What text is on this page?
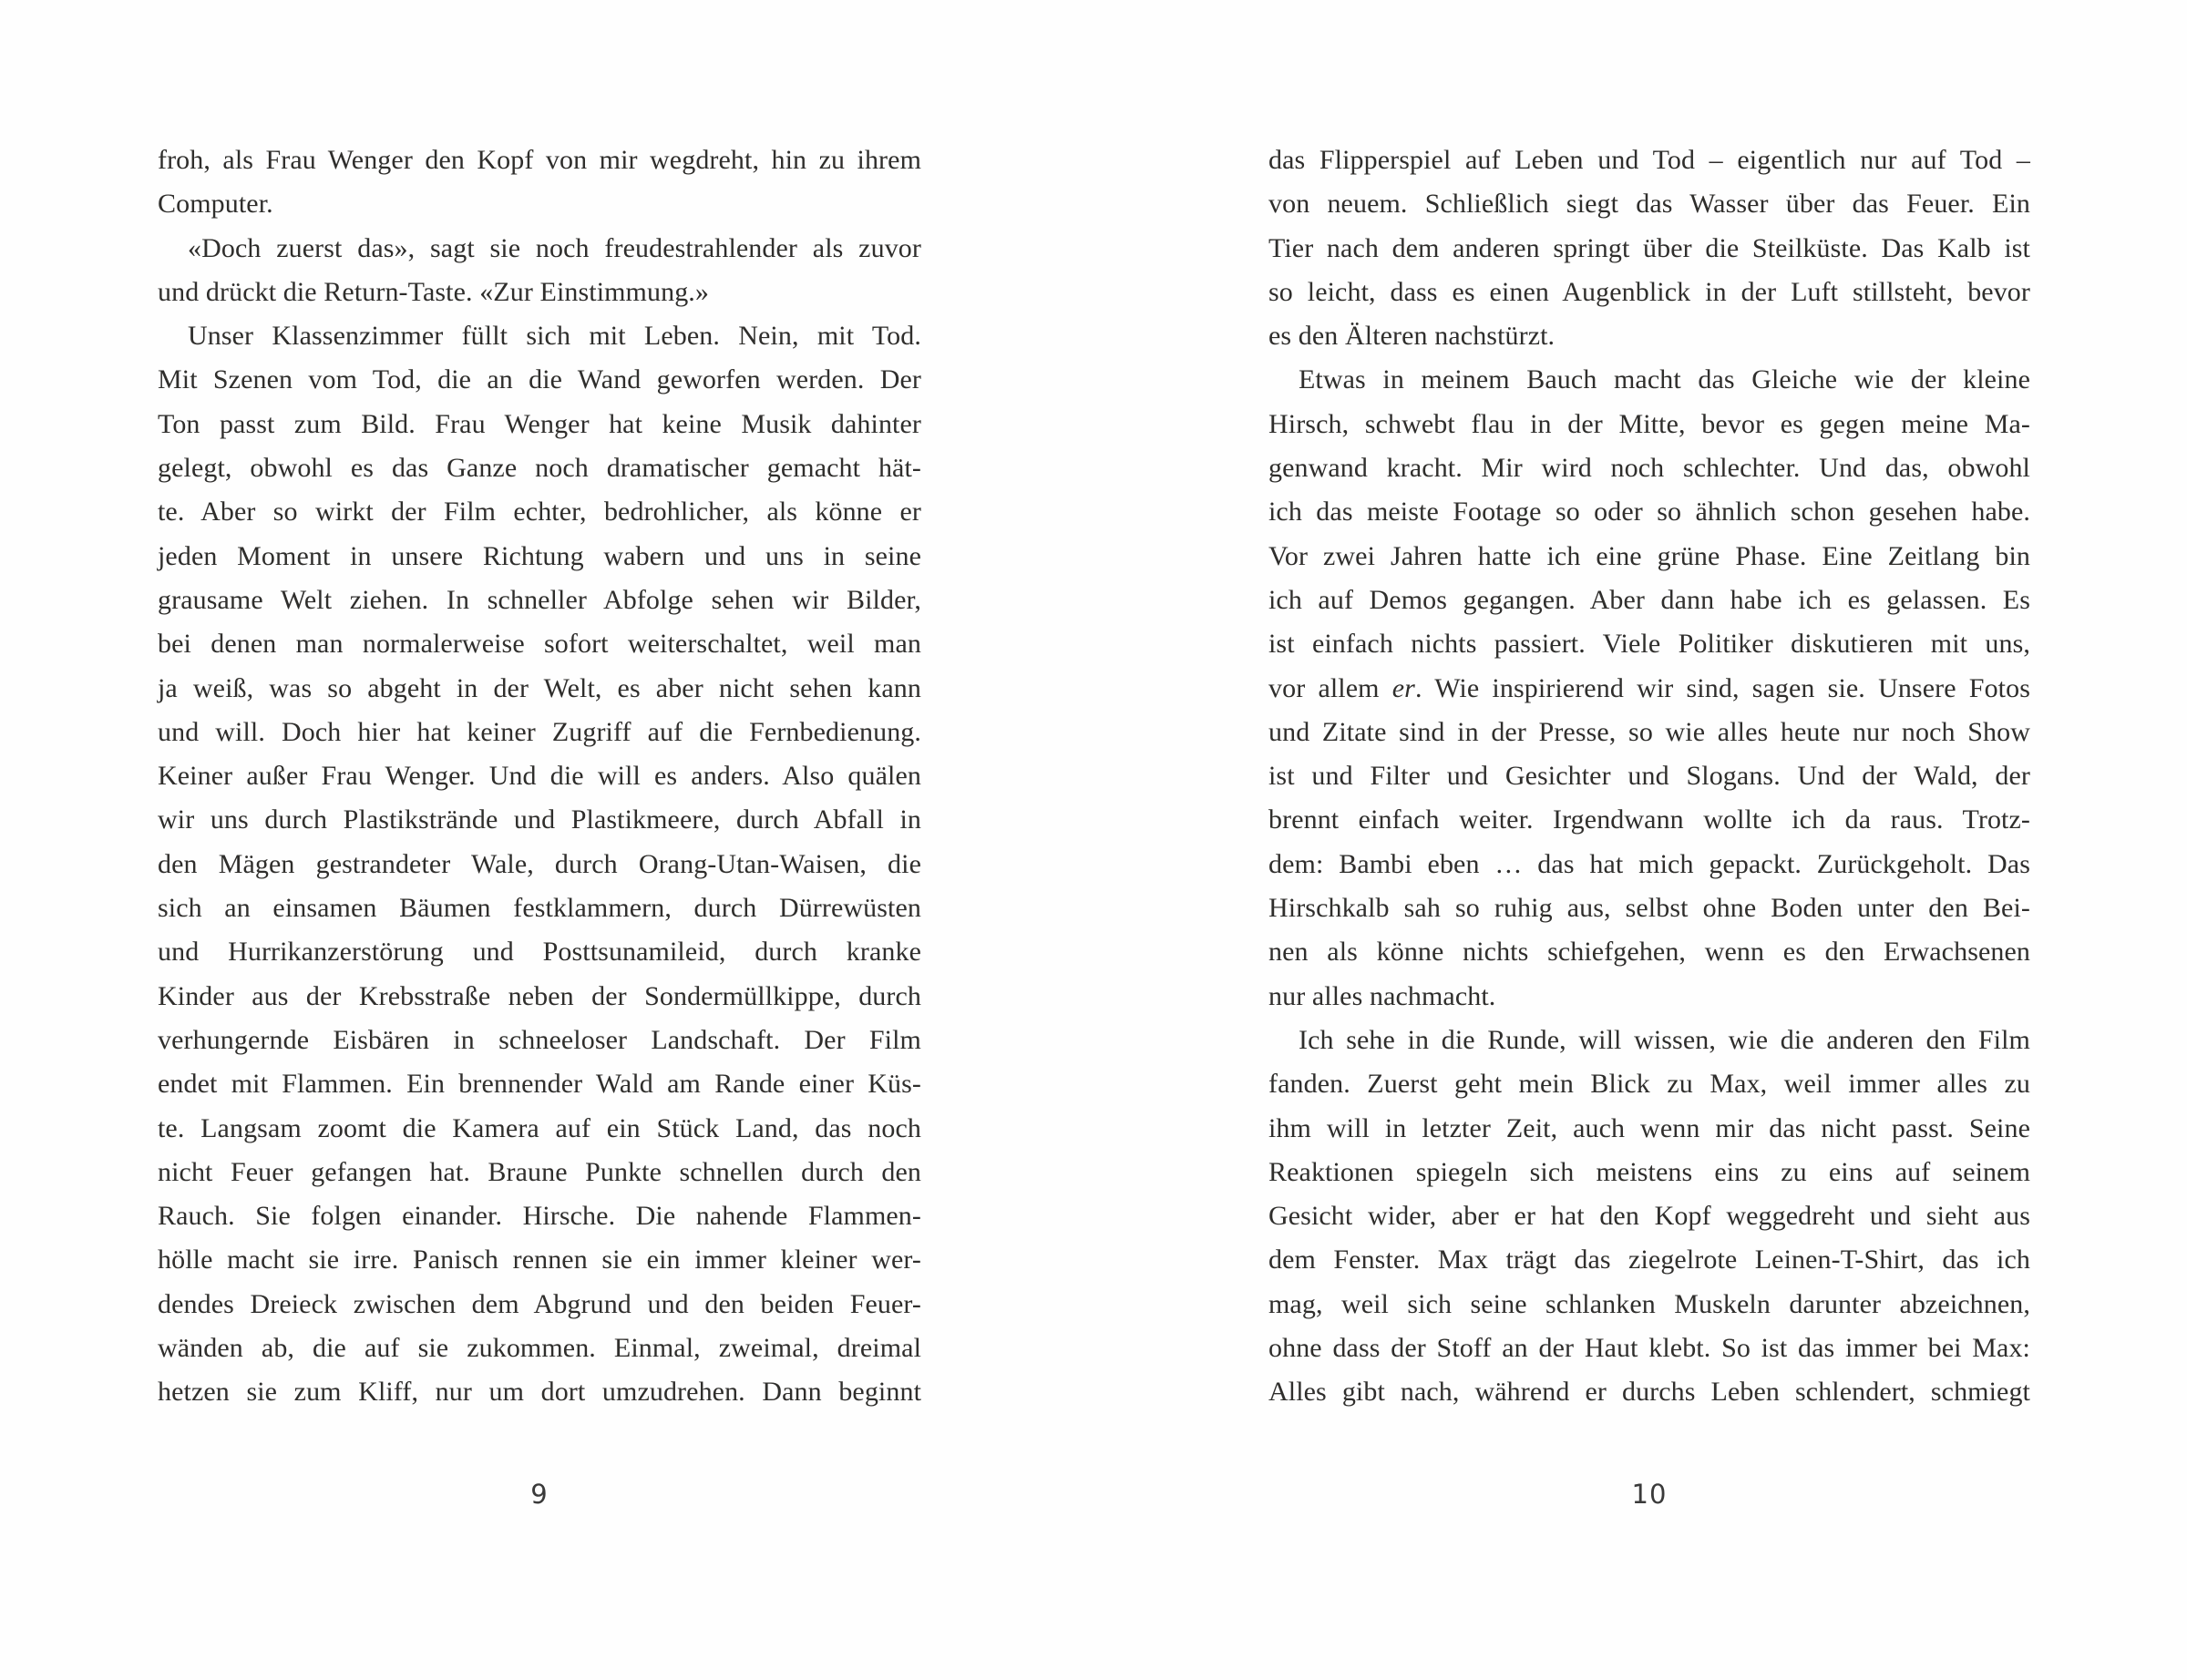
froh, als Frau Wenger den Kopf von mir wegdreht, hin zu ihrem
Computer.
«Doch zuerst das», sagt sie noch freudestrahlender als zuvor
und drückt die Return-Taste. «Zur Einstimmung.»
Unser Klassenzimmer füllt sich mit Leben. Nein, mit Tod.
Mit Szenen vom Tod, die an die Wand geworfen werden. Der
Ton passt zum Bild. Frau Wenger hat keine Musik dahinter
gelegt, obwohl es das Ganze noch dramatischer gemacht hät-
te. Aber so wirkt der Film echter, bedrohlicher, als könne er
jeden Moment in unsere Richtung wabern und uns in seine
grausame Welt ziehen. In schneller Abfolge sehen wir Bilder,
bei denen man normalerweise sofort weiterschaltet, weil man
ja weiß, was so abgeht in der Welt, es aber nicht sehen kann
und will. Doch hier hat keiner Zugriff auf die Fernbedienung.
Keiner außer Frau Wenger. Und die will es anders. Also quälen
wir uns durch Plastikstrände und Plastikmeere, durch Abfall in
den Mägen gestrandeter Wale, durch Orang-Utan-Waisen, die
sich an einsamen Bäumen festklammern, durch Dürrewüsten
und Hurrikanzerstörung und Posttsunamileid, durch kranke
Kinder aus der Krebsstraße neben der Sondermüllkippe, durch
verhungernde Eisbären in schneeloser Landschaft. Der Film
endet mit Flammen. Ein brennender Wald am Rande einer Küs-
te. Langsam zoomt die Kamera auf ein Stück Land, das noch
nicht Feuer gefangen hat. Braune Punkte schnellen durch den
Rauch. Sie folgen einander. Hirsche. Die nahende Flammen-
hölle macht sie irre. Panisch rennen sie ein immer kleiner wer-
dendes Dreieck zwischen dem Abgrund und den beiden Feuer-
wänden ab, die auf sie zukommen. Einmal, zweimal, dreimal
hetzen sie zum Kliff, nur um dort umzudrehen. Dann beginnt
das Flipperspiel auf Leben und Tod – eigentlich nur auf Tod –
von neuem. Schließlich siegt das Wasser über das Feuer. Ein
Tier nach dem anderen springt über die Steilküste. Das Kalb ist
so leicht, dass es einen Augenblick in der Luft stillsteht, bevor
es den Älteren nachstürzt.
Etwas in meinem Bauch macht das Gleiche wie der kleine
Hirsch, schwebt flau in der Mitte, bevor es gegen meine Ma-
genwand kracht. Mir wird noch schlechter. Und das, obwohl
ich das meiste Footage so oder so ähnlich schon gesehen habe.
Vor zwei Jahren hatte ich eine grüne Phase. Eine Zeitlang bin
ich auf Demos gegangen. Aber dann habe ich es gelassen. Es
ist einfach nichts passiert. Viele Politiker diskutieren mit uns,
vor allem er. Wie inspirierend wir sind, sagen sie. Unsere Fotos
und Zitate sind in der Presse, so wie alles heute nur noch Show
ist und Filter und Gesichter und Slogans. Und der Wald, der
brennt einfach weiter. Irgendwann wollte ich da raus. Trotz-
dem: Bambi eben … das hat mich gepackt. Zurückgeholt. Das
Hirschkalb sah so ruhig aus, selbst ohne Boden unter den Bei-
nen als könne nichts schiefgehen, wenn es den Erwachsenen
nur alles nachmacht.
Ich sehe in die Runde, will wissen, wie die anderen den Film
fanden. Zuerst geht mein Blick zu Max, weil immer alles zu
ihm will in letzter Zeit, auch wenn mir das nicht passt. Seine
Reaktionen spiegeln sich meistens eins zu eins auf seinem
Gesicht wider, aber er hat den Kopf weggedreht und sieht aus
dem Fenster. Max trägt das ziegelrote Leinen-T-Shirt, das ich
mag, weil sich seine schlanken Muskeln darunter abzeichnen,
ohne dass der Stoff an der Haut klebt. So ist das immer bei Max:
Alles gibt nach, während er durchs Leben schlendert, schmiegt
9	10
